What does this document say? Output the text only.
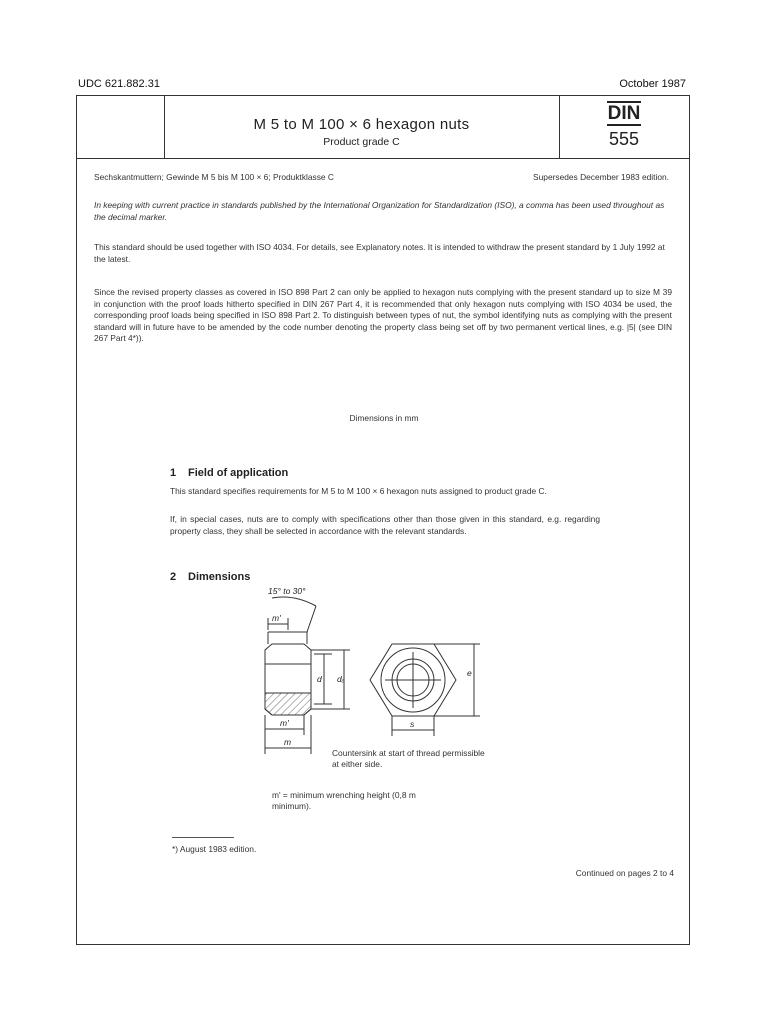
UDC 621.882.31	October 1987
M 5 to M 100 × 6 hexagon nuts
Product grade C
DIN
555
Sechskantmuttern; Gewinde M 5 bis M 100 × 6; Produktklasse C	Supersedes December 1983 edition.
In keeping with current practice in standards published by the International Organization for Standardization (ISO), a comma has been used throughout as the decimal marker.
This standard should be used together with ISO 4034. For details, see Explanatory notes. It is intended to withdraw the present standard by 1 July 1992 at the latest.
Since the revised property classes as covered in ISO 898 Part 2 can only be applied to hexagon nuts complying with the present standard up to size M 39 in conjunction with the proof loads hitherto specified in DIN 267 Part 4, it is recommended that only hexagon nuts complying with ISO 4034 be used, the corresponding proof loads being specified in ISO 898 Part 2. To distinguish between types of nut, the symbol identifying nuts as complying with the present standard will in future have to be amended by the code number denoting the property class being set off by two permanent vertical lines, e.g. |5| (see DIN 267 Part 4*)).
Dimensions in mm
1 Field of application
This standard specifies requirements for M 5 to M 100 × 6 hexagon nuts assigned to product grade C.
If, in special cases, nuts are to comply with specifications other than those given in this standard, e.g. regarding property class, they shall be selected in accordance with the relevant standards.
2 Dimensions
Countersink at start of thread permissible at either side.
m' = minimum wrenching height (0,8 m minimum).
*) August 1983 edition.
Continued on pages 2 to 4
15° to 30°
m'
d dₐ
m'
m
e
s
